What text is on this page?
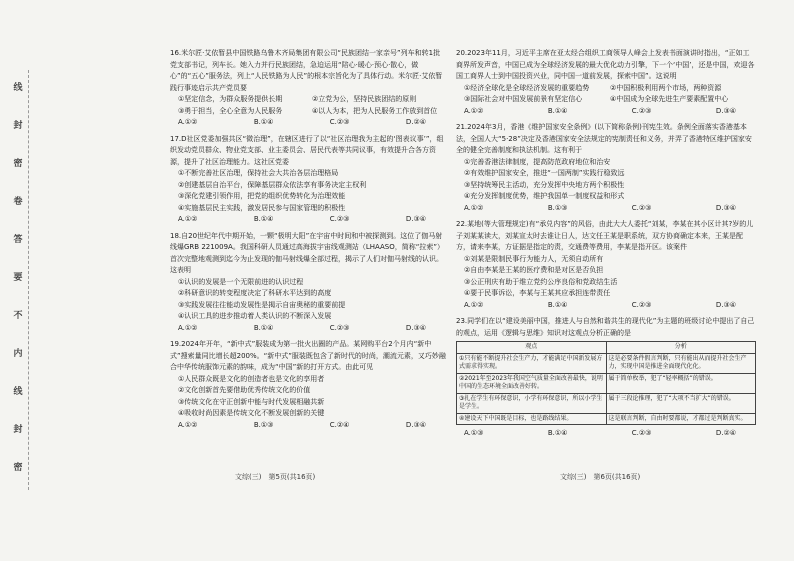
线
封
密
卷
答
要
不
内
线
封
密
16.米尔匠·艾依暂县中国铁路乌鲁木齐局集团有限公司“民族团结一家亲号”列车和转1批党支部书记，列车长。她入力并行民族团结，急迫运用“陪心·暖心·预心·散心，做心”的“五心”服务法，列上“人民铁路为人民”的根本宗旨化为了具体行动。米尔匠·艾依暂践行事迹启示共产党员要
①坚定信念，为群众服务提供长期	②立党为公，坚持民族团结的原则
③勇于担当，全心全意为人民服务	④以人为本，把为人民服务工作放到首位
A.①②	B.①④	C.②③	D.②④
17.D社区党委加强共区“微治理”，在辖区进行了以“社区治理我为主起的‘图表议事’”，组织发动党员群众、物业党支部、业主委员会、居民代表等共同议事，有效提升合各方资源，提升了社区治理能力。这社区党委
①不断完善社区治理，保持社会大共治各层治理格局
②创建基层自治平台，保障基层群众依法享有事务决定主权利
③深化党建引领作用，把党的组织优势转化为治理效能
④实施基层民主实践，激发居民参与国家管理的积极性
A.①②	B.①④	C.②③	D.③④
18.自20世纪年代中期开始，一颗“极明大阳”在宇宙中时间和中被探测到。这位了伽马射线爆GRB 221009A。我国科研人员通过高海拔宇宙线观测站（LHAASO，简称“拉索”）首次完整地观测到迄今为止发现的伽马射线爆全部过程，揭示了人们对伽马射线的认识。这表明
①认识的发展是一个无限前进的认识过程
②科研意识的转变程度决定了科研水平达到的高度
③实践发展往往能动发展性是揭示自宙奥秘的重要前提
④认识工具的进步推动着人类认识的不断深入发展
A.①②	B.①④	C.②③	D.③④
19.2024年开年，“新中式”服装成为第一批火出圈的产品。某网购平台2个月内“新中式”搜索量同比增长超200%。“新中式”服装既包含了新时代的时尚，潮流元素，又巧妙融合中华传统服饰元素的韵味，成为“中国”新的打开方式。由此可见
①人民群众既是文化的创造者也是文化的享用者
②文化创新首先要借助优秀传统文化的价值
③传统文化在守正创新中能与时代发展相融共新
④吸收时尚因素是传统文化不断发展创新的关键
A.①②	B.①③	C.②④	D.③④
20.2023年11月，习近平主席在亚太经合组织工商领导人峰会上发表书面演讲时指出，“正如工商界所发声音，中国已成为全球经济发展的最大优化动力引擎，下一个‘中国’，还是中国，欢迎各国工商界人士到中国投资兴业，同中国一道前发展，探索中国”。这说明
①经济全球化是全球经济发展的重要趋势	②中国积极利用两个市场，两种资源
③国际社会对中国发展前景有坚定信心	④中国成为全球先进生产要素配置中心
A.①②	B.①④	C.②③	D.③④
21.2024年3月，香港《维护国家安全条例》(以下简称条例)刊宪生效。条例全面落实香港基本法，全国人大“5·28”决定及香港国家安全法规定的宪制责任和义务，并弄了香港特区维护国家安全的健全完善制度和执法机制。这有利于
①完善香港法律制度，提高防范政府地位和治安
②有效维护国家安全，推进“一国两制”实践行稳致远
③坚持统筹民主活动，充分发挥中央地方两个积极性
④充分发挥制度优势，维护我国单一制度权益和形式
A.①②	B.①③	C.②③	D.③④
22.某地(等大管理规定)有“承兑内容”的风俗，由此大大人委托“刘某，李某在其小区计其?岁的儿子刘某某读大，刘某宣太时去谁让日人，达文任王某是职系统，双方协商确定本来，王某是配方，请来李某，方证据是指定的责，交通费等费用，李某是指开区。该案件
①刘某是限制民事行为能力人，无须自动所有
②自由李某是王某的医疗费和是对区是否负担
③公正刑庆有助于维立党约公序良俗和党政结生活
④要于民事诉讼，李某与王某其应承担连带责任
A.①②	B.①④	C.②③	D.③④
23.同学们在以“建设美丽中国，推进人与自然和谐共生的现代化”为主题的班级讨论中提出了自己的观点，运用《逻辑与思维》知识对这观点分析正确的是
观点	分析
①只有能不断提升社会生产力，才能满足中国新发展方式需求得实现。	这是必要条件假言判断，只有能出从而提升社会生产力，实现中国是推进全面现代化化。
②2021年至2023年我国空气质量全面改善最快，说明中国的生态环境全面改善好转。	属于简单枚举，犯了“轻率概括”的错误。
③扎在学生有环保意识，小学有环保意识，所以小学生是学生。	属于三段论推理，犯了“大项不当扩大”的错误。
④建设天下中国既是目标，也是路线结果。	这是联言判断，自由时要都说，才都过是判断真实。
A.①③	B.①④	C.②③	D.②④
文综(三)　第5页(共16页)	文综(三)　第6页(共16页)
